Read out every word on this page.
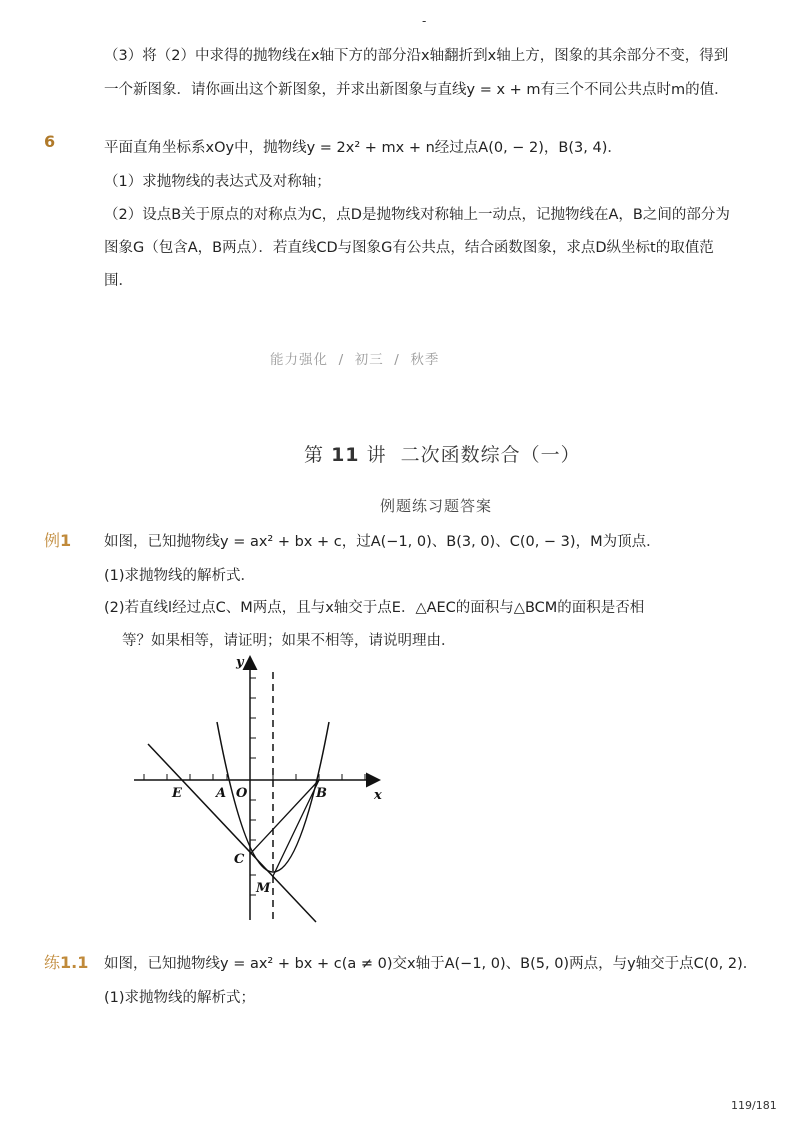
-
（3）将（2）中求得的抛物线在x轴下方的部分沿x轴翻折到x轴上方，图象的其余部分不变，得到
一个新图象．请你画出这个新图象，并求出新图象与直线y = x + m有三个不同公共点时m的值．
6	平面直角坐标系xOy中，抛物线y = 2x² + mx + n经过点A(0, − 2)，B(3, 4)．
（1）求抛物线的表达式及对称轴；
（2）设点B关于原点的对称点为C，点D是抛物线对称轴上一动点，记抛物线在A，B之间的部分为
图象G（包含A，B两点）．若直线CD与图象G有公共点，结合函数图象，求点D纵坐标t的取值范
围．
能力强化  /  初三  /  秋季
第 11 讲  二次函数综合（一）
例题练习题答案
例1 如图，已知抛物线y = ax² + bx + c，过A(−1, 0)、B(3, 0)、C(0, − 3)，M为顶点．
(1)求抛物线的解析式．
(2)若直线l经过点C、M两点，且与x轴交于点E．△AEC的面积与△BCM的面积是否相
等？如果相等，请证明；如果不相等，请说明理由．
y
x
E	A O	B
C
M
练1.1 如图，已知抛物线y = ax² + bx + c(a ≠ 0)交x轴于A(−1, 0)、B(5, 0)两点，与y轴交于点C(0, 2)．
(1)求抛物线的解析式；
119/181
